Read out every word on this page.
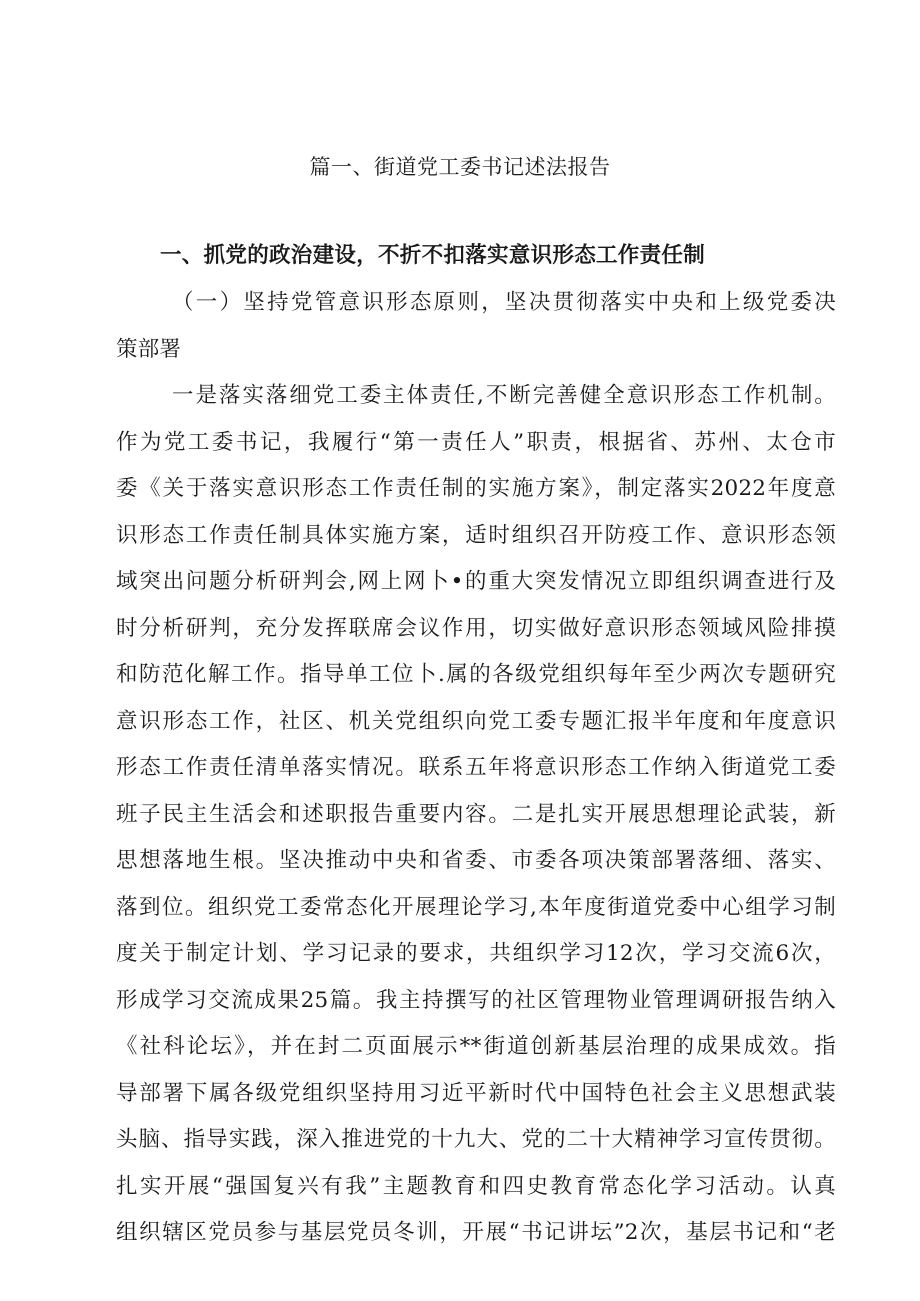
篇一、街道党工委书记述法报告
一、抓党的政治建设，不折不扣落实意识形态工作责任制
（一）坚持党管意识形态原则，坚决贯彻落实中央和上级党委决
策部署
一是落实落细党工委主体责任,不断完善健全意识形态工作机制。
作为党工委书记，我履行“第一责任人”职责，根据省、苏州、太仓市
委《关于落实意识形态工作责任制的实施方案》，制定落实2022年度意
识形态工作责任制具体实施方案，适时组织召开防疫工作、意识形态领
域突出问题分析研判会,网上网卜•的重大突发情况立即组织调查进行及
时分析研判，充分发挥联席会议作用，切实做好意识形态领域风险排摸
和防范化解工作。指导单工位卜.属的各级党组织每年至少两次专题研究
意识形态工作，社区、机关党组织向党工委专题汇报半年度和年度意识
形态工作责任清单落实情况。联系五年将意识形态工作纳入街道党工委
班子民主生活会和述职报告重要内容。二是扎实开展思想理论武装，新
思想落地生根。坚决推动中央和省委、市委各项决策部署落细、落实、
落到位。组织党工委常态化开展理论学习,本年度街道党委中心组学习制
度关于制定计划、学习记录的要求，共组织学习12次，学习交流6次，
形成学习交流成果25篇。我主持撰写的社区管理物业管理调研报告纳入
《社科论坛》，并在封二页面展示**街道创新基层治理的成果成效。指
导部署下属各级党组织坚持用习近平新时代中国特色社会主义思想武装
头脑、指导实践，深入推进党的十九大、党的二十大精神学习宣传贯彻。
扎实开展“强国复兴有我”主题教育和四史教育常态化学习活动。认真
组织辖区党员参与基层党员冬训，开展“书记讲坛”2次，基层书记和“老
